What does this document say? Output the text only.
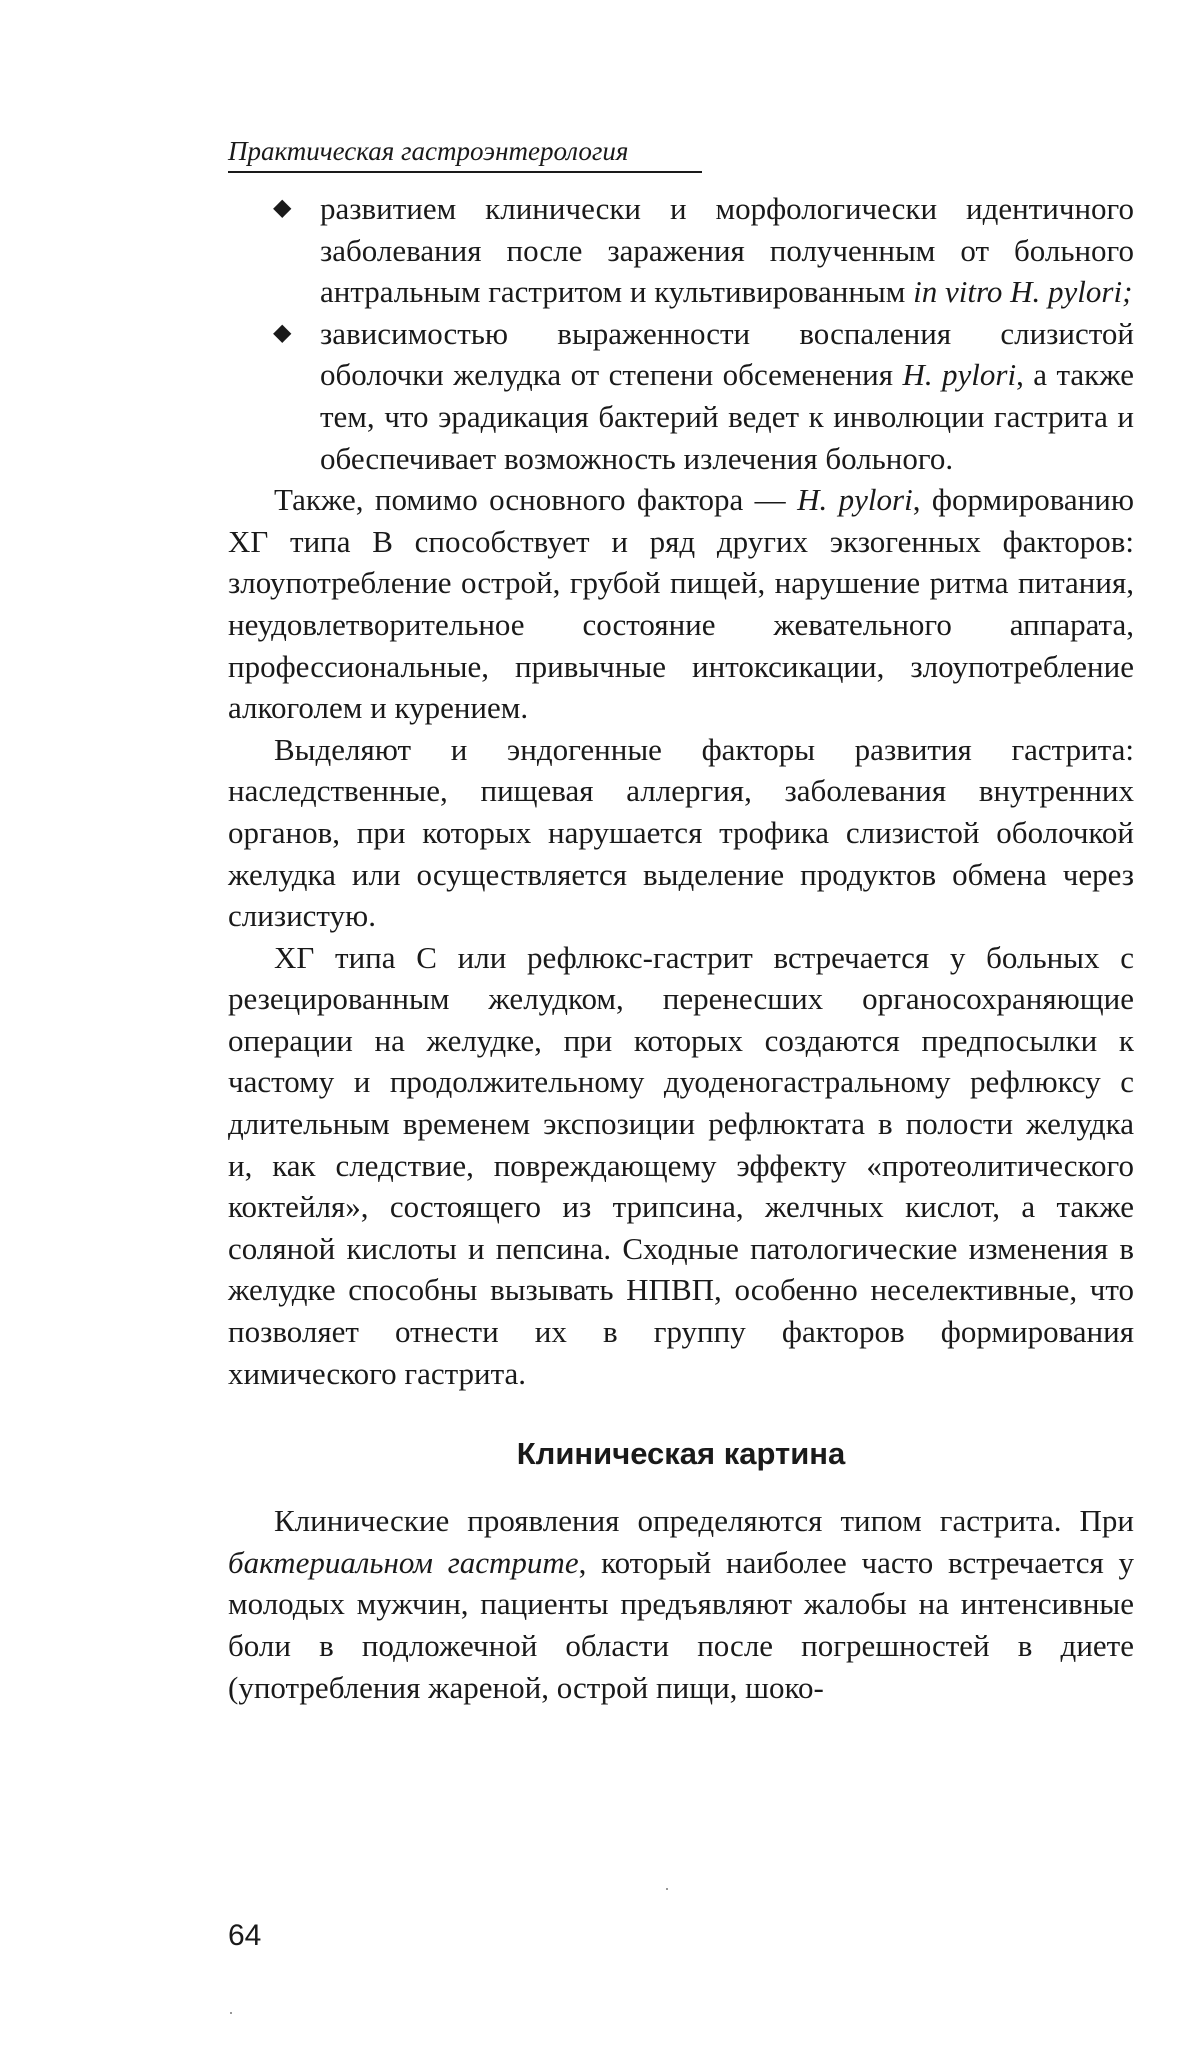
Практическая гастроэнтерология
◆ развитием клинически и морфологически идентичного заболевания после заражения полученным от больного антральным гастритом и культивированным in vitro H. pylori;
◆ зависимостью выраженности воспаления слизистой оболочки желудка от степени обсеменения H. pylori, а также тем, что эрадикация бактерий ведет к инволюции гастрита и обеспечивает возможность излечения больного.

Также, помимо основного фактора — H. pylori, формированию ХГ типа В способствует и ряд других экзогенных факторов: злоупотребление острой, грубой пищей, нарушение ритма питания, неудовлетворительное состояние жевательного аппарата, профессиональные, привычные интоксикации, злоупотребление алкоголем и курением.

Выделяют и эндогенные факторы развития гастрита: наследственные, пищевая аллергия, заболевания внутренних органов, при которых нарушается трофика слизистой оболочкой желудка или осуществляется выделение продуктов обмена через слизистую.

ХГ типа С или рефлюкс-гастрит встречается у больных с резецированным желудком, перенесших органосохраняющие операции на желудке, при которых создаются предпосылки к частому и продолжительному дуоденогастральному рефлюксу с длительным временем экспозиции рефлюктата в полости желудка и, как следствие, повреждающему эффекту «протеолитического коктейля», состоящего из трипсина, желчных кислот, а также соляной кислоты и пепсина. Сходные патологические изменения в желудке способны вызывать НПВП, особенно неселективные, что позволяет отнести их в группу факторов формирования химического гастрита.

Клиническая картина

Клинические проявления определяются типом гастрита. При бактериальном гастрите, который наиболее часто встречается у молодых мужчин, пациенты предъявляют жалобы на интенсивные боли в подложечной области после погрешностей в диете (употребления жареной, острой пищи, шоко-

64
